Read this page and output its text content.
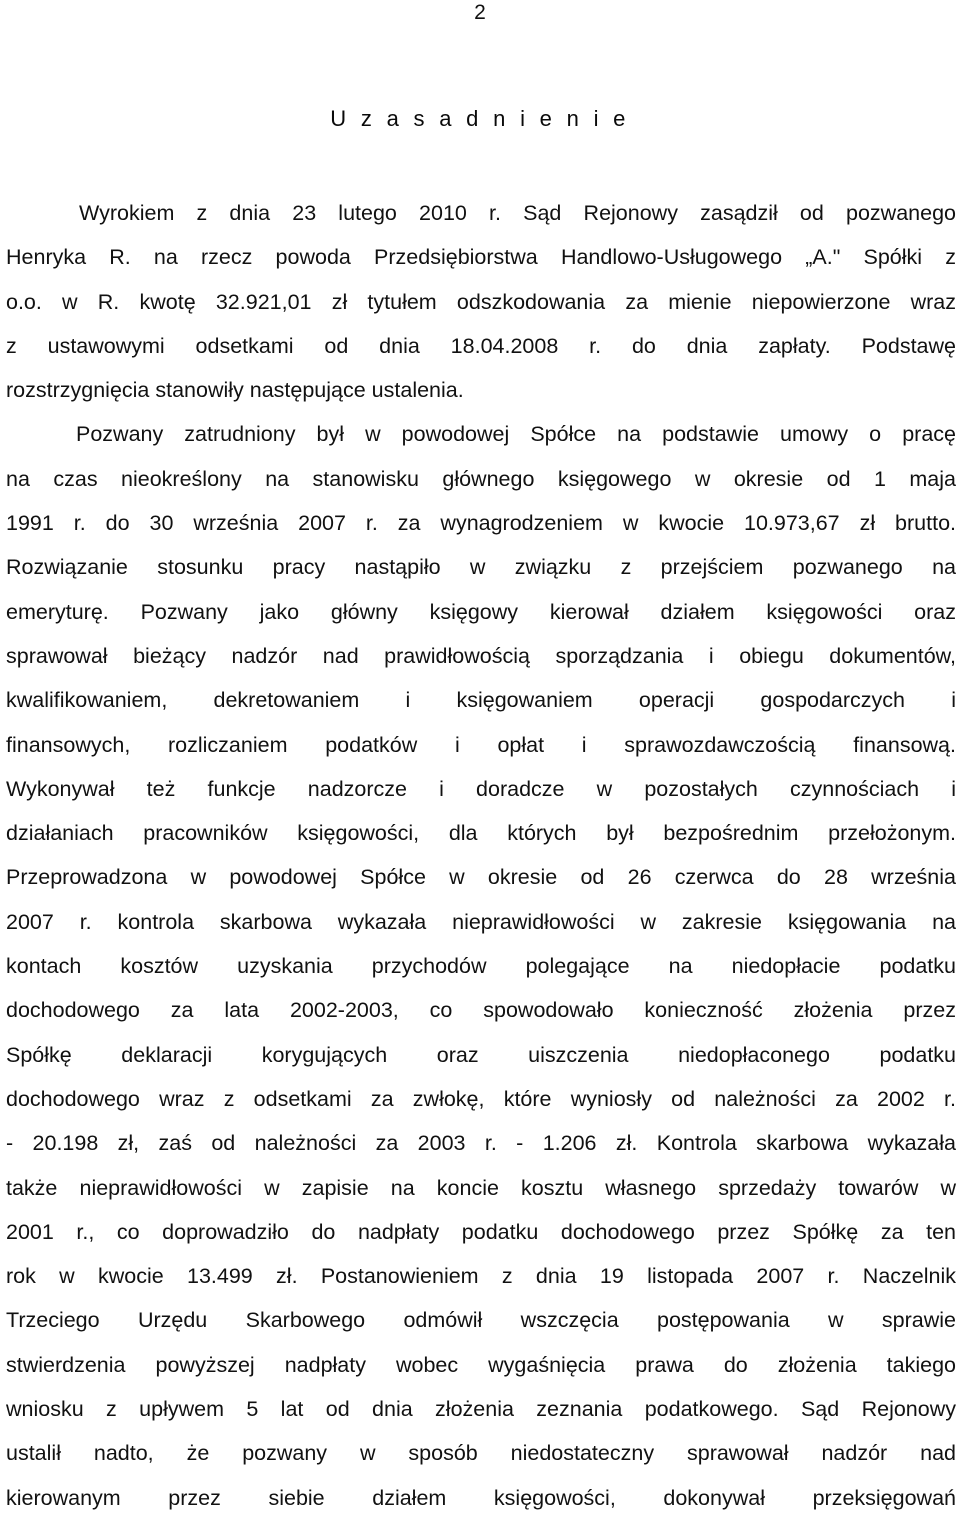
2
U z a s a d n i e n i e
Wyrokiem z dnia 23 lutego 2010 r. Sąd Rejonowy zasądził od pozwanego
Henryka R. na rzecz powoda Przedsiębiorstwa Handlowo-Usługowego „A." Spółki z
o.o. w R. kwotę 32.921,01 zł tytułem odszkodowania za mienie niepowierzone wraz
z ustawowymi odsetkami od dnia 18.04.2008 r. do dnia zapłaty. Podstawę
rozstrzygnięcia stanowiły następujące ustalenia.
Pozwany zatrudniony był w powodowej Spółce na podstawie umowy o pracę
na czas nieokreślony na stanowisku głównego księgowego w okresie od 1 maja
1991 r. do 30 września 2007 r. za wynagrodzeniem w kwocie 10.973,67 zł brutto.
Rozwiązanie stosunku pracy nastąpiło w związku z przejściem pozwanego na
emeryturę. Pozwany jako główny księgowy kierował działem księgowości oraz
sprawował bieżący nadzór nad prawidłowością sporządzania i obiegu dokumentów,
kwalifikowaniem, dekretowaniem i księgowaniem operacji gospodarczych i
finansowych, rozliczaniem podatków i opłat i sprawozdawczością finansową.
Wykonywał też funkcje nadzorcze i doradcze w pozostałych czynnościach i
działaniach pracowników księgowości, dla których był bezpośrednim przełożonym.
Przeprowadzona w powodowej Spółce w okresie od 26 czerwca do 28 września
2007 r. kontrola skarbowa wykazała nieprawidłowości w zakresie księgowania na
kontach kosztów uzyskania przychodów polegające na niedopłacie podatku
dochodowego za lata 2002-2003, co spowodowało konieczność złożenia przez
Spółkę deklaracji korygujących oraz uiszczenia niedopłaconego podatku
dochodowego wraz z odsetkami za zwłokę, które wyniosły od należności za 2002 r.
- 20.198 zł, zaś od należności za 2003 r. - 1.206 zł. Kontrola skarbowa wykazała
także nieprawidłowości w zapisie na koncie kosztu własnego sprzedaży towarów w
2001 r., co doprowadziło do nadpłaty podatku dochodowego przez Spółkę za ten
rok w kwocie 13.499 zł. Postanowieniem z dnia 19 listopada 2007 r. Naczelnik
Trzeciego Urzędu Skarbowego odmówił wszczęcia postępowania w sprawie
stwierdzenia powyższej nadpłaty wobec wygaśnięcia prawa do złożenia takiego
wniosku z upływem 5 lat od dnia złożenia zeznania podatkowego. Sąd Rejonowy
ustalił nadto, że pozwany w sposób niedostateczny sprawował nadzór nad
kierowanym przez siebie działem księgowości, dokonywał przeksięgowań
